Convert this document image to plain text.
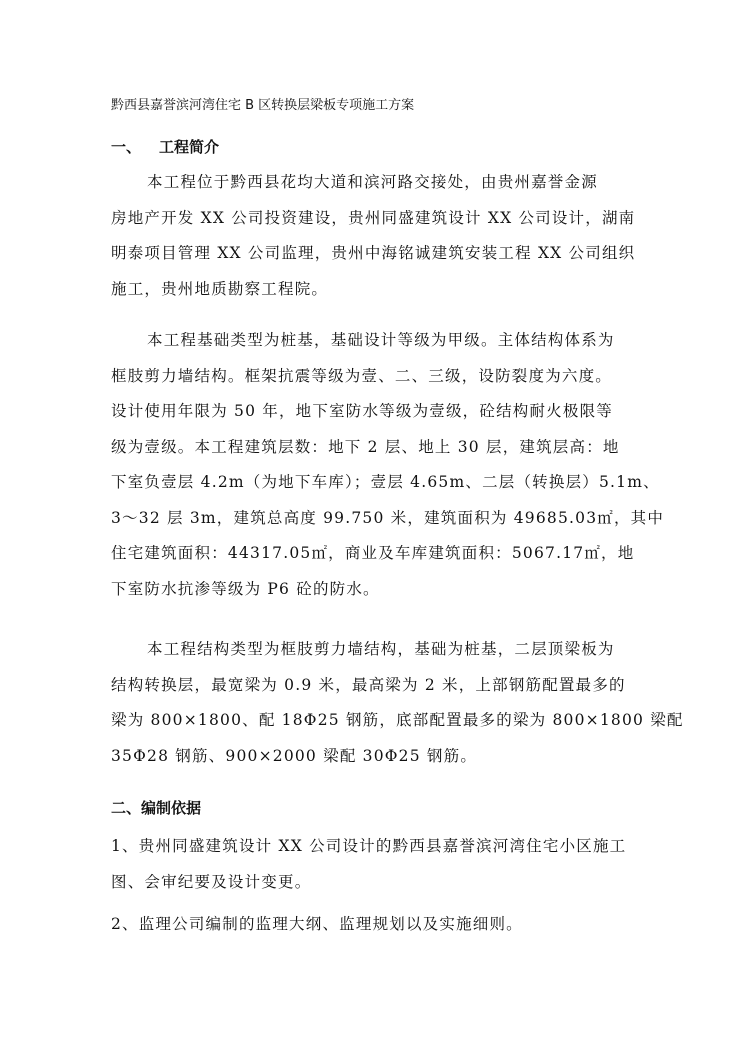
黔西县嘉誉滨河湾住宅 B 区转换层梁板专项施工方案
一、 工程简介
本工程位于黔西县花均大道和滨河路交接处，由贵州嘉誉金源
房地产开发 XX 公司投资建设，贵州同盛建筑设计 XX 公司设计，湖南
明泰项目管理 XX 公司监理，贵州中海铭诚建筑安装工程 XX 公司组织
施工，贵州地质勘察工程院。
本工程基础类型为桩基，基础设计等级为甲级。主体结构体系为
框肢剪力墙结构。框架抗震等级为壹、二、三级，设防裂度为六度。
设计使用年限为 50 年，地下室防水等级为壹级，砼结构耐火极限等
级为壹级。本工程建筑层数：地下 2 层、地上 30 层，建筑层高：地
下室负壹层 4.2m（为地下车库）；壹层 4.65m、二层（转换层）5.1m、
3～32 层 3m，建筑总高度 99.750 米，建筑面积为 49685.03㎡，其中
住宅建筑面积：44317.05㎡，商业及车库建筑面积：5067.17㎡，地
下室防水抗渗等级为 P6 砼的防水。
本工程结构类型为框肢剪力墙结构，基础为桩基，二层顶梁板为
结构转换层，最宽梁为 0.9 米，最高梁为 2 米，上部钢筋配置最多的
梁为 800×1800、配 18Φ25 钢筋，底部配置最多的梁为 800×1800 梁配
35Φ28 钢筋、900×2000 梁配 30Φ25 钢筋。
二、编制依据
1、贵州同盛建筑设计 XX 公司设计的黔西县嘉誉滨河湾住宅小区施工
图、会审纪要及设计变更。
2、监理公司编制的监理大纲、监理规划以及实施细则。
